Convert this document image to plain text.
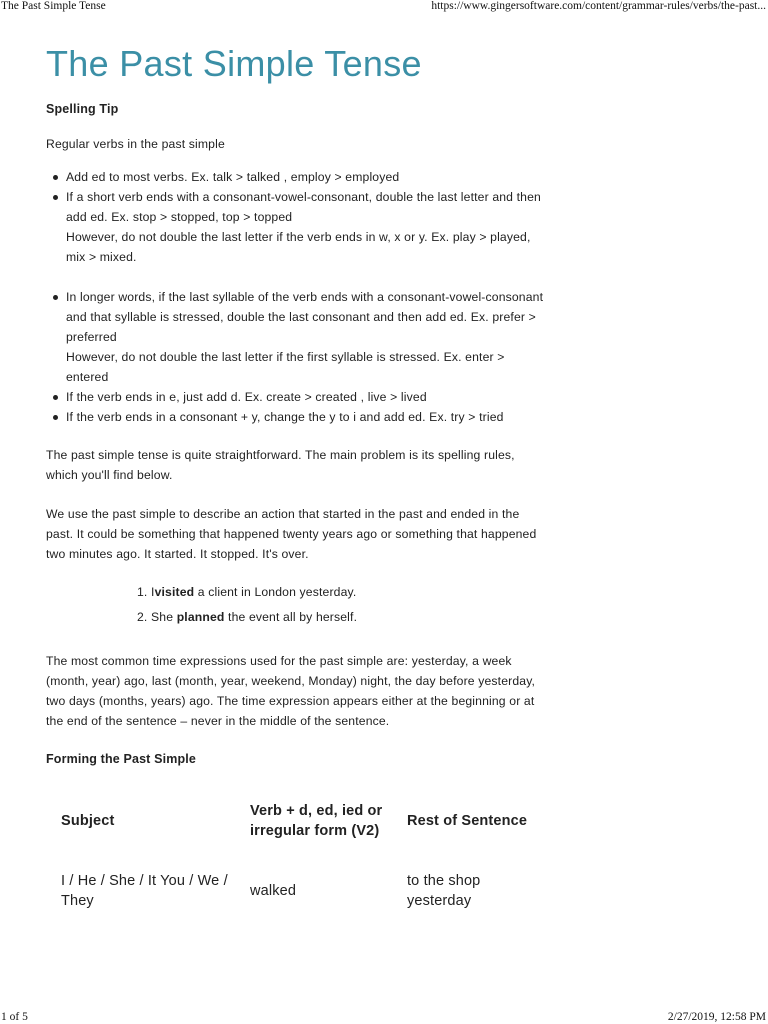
The Past Simple Tense	https://www.gingersoftware.com/content/grammar-rules/verbs/the-past...
The Past Simple Tense
Spelling Tip

Regular verbs in the past simple

Add ed to most verbs. Ex. talk > talked , employ > employed
If a short verb ends with a consonant-vowel-consonant, double the last letter and then add ed. Ex. stop > stopped, top > topped
However, do not double the last letter if the verb ends in w, x or y. Ex. play > played, mix > mixed.
In longer words, if the last syllable of the verb ends with a consonant-vowel-consonant and that syllable is stressed, double the last consonant and then add ed. Ex. prefer > preferred
However, do not double the last letter if the first syllable is stressed. Ex. enter > entered
If the verb ends in e, just add d. Ex. create > created , live > lived
If the verb ends in a consonant + y, change the y to i and add ed. Ex. try > tried

The past simple tense is quite straightforward. The main problem is its spelling rules, which you'll find below.

We use the past simple to describe an action that started in the past and ended in the past. It could be something that happened twenty years ago or something that happened two minutes ago. It started. It stopped. It's over.

1. Ivisited a client in London yesterday.
2. She planned the event all by herself.

The most common time expressions used for the past simple are: yesterday, a week (month, year) ago, last (month, year, weekend, Monday) night, the day before yesterday, two days (months, years) ago. The time expression appears either at the beginning or at the end of the sentence – never in the middle of the sentence.

Forming the Past Simple
Subject	Verb + d, ed, ied or irregular form (V2)	Rest of Sentence
I / He / She / It You / We / They	walked	to the shop yesterday
1 of 5	2/27/2019, 12:58 PM
